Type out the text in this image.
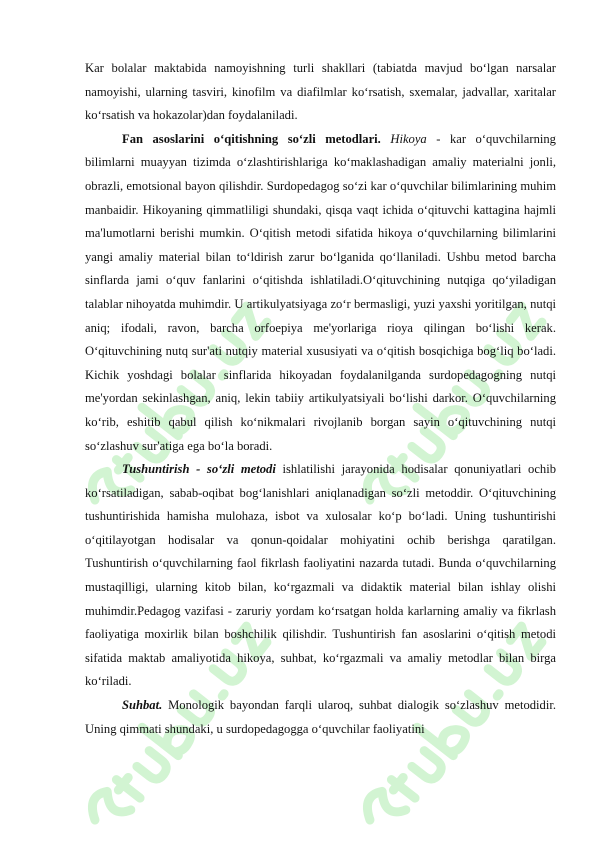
Kar bolalar maktabida namoyishning turli shakllari (tabiatda mavjud bo‘lgan narsalar namoyishi, ularning tasviri, kinofilm va diafilmlar ko‘rsatish, sxemalar, jadvallar, xaritalar ko‘rsatish va hokazolar)dan foydalaniladi.

Fan asoslarini o‘qitishning so‘zli metodlari. Hikoya - kar o‘quvchilarning bilimlarni muayyan tizimda o‘zlashtirishlariga ko‘maklashadigan amaliy materialni jonli, obrazli, emotsional bayon qilishdir. Surdopedagog so‘zi kar o‘quvchilar bilimlarining muhim manbaidir. Hikoyaning qimmatliligi shundaki, qisqa vaqt ichida o‘qituvchi kattagina hajmli ma'lumotlarni berishi mumkin. O‘qitish metodi sifatida hikoya o‘quvchilarning bilimlarini yangi amaliy material bilan to‘ldirish zarur bo‘lganida qo‘llaniladi. Ushbu metod barcha sinflarda jami o‘quv fanlarini o‘qitishda ishlatiladi.O‘qituvchining nutqiga qo‘yiladigan talablar nihoyatda muhimdir. U artikulyatsiyaga zo‘r bermasligi, yuzi yaxshi yoritilgan, nutqi aniq; ifodali, ravon, barcha orfoepiya me'yorlariga rioya qilingan bo‘lishi kerak. O‘qituvchining nutq sur'ati nutqiy material xususiyati va o‘qitish bosqichiga bog‘liq bo‘ladi. Kichik yoshdagi bolalar sinflarida hikoyadan foydalanilganda surdopedagogning nutqi me'yordan sekinlashgan, aniq, lekin tabiiy artikulyatsiyali bo‘lishi darkor. O‘quvchilarning ko‘rib, eshitib qabul qilish ko‘nikmalari rivojlanib borgan sayin o‘qituvchining nutqi so‘zlashuv sur'atiga ega bo‘la boradi.

Tushuntirish - so‘zli metodi ishlatilishi jarayonida hodisalar qonuniyatlari ochib ko‘rsatiladigan, sabab-oqibat bog‘lanishlari aniqlanadigan so‘zli metoddir. O‘qituvchining tushuntirishida hamisha mulohaza, isbot va xulosalar ko‘p bo‘ladi. Uning tushuntirishi o‘qitilayotgan hodisalar va qonun-qoidalar mohiyatini ochib berishga qaratilgan. Tushuntirish o‘quvchilarning faol fikrlash faoliyatini nazarda tutadi. Bunda o‘quvchilarning mustaqilligi, ularning kitob bilan, ko‘rgazmali va didaktik material bilan ishlay olishi muhimdir.Pedagog vazifasi - zaruriy yordam ko‘rsatgan holda karlarning amaliy va fikrlash faoliyatiga moxirlik bilan boshchilik qilishdir. Tushuntirish fan asoslarini o‘qitish metodi sifatida maktab amaliyotida hikoya, suhbat, ko‘rgazmali va amaliy metodlar bilan birga ko‘riladi.

Suhbat. Monologik bayondan farqli ularoq, suhbat dialogik so‘zlashuv metodidir. Uning qimmati shundaki, u surdopedagogga o‘quvchilar faoliyatini
